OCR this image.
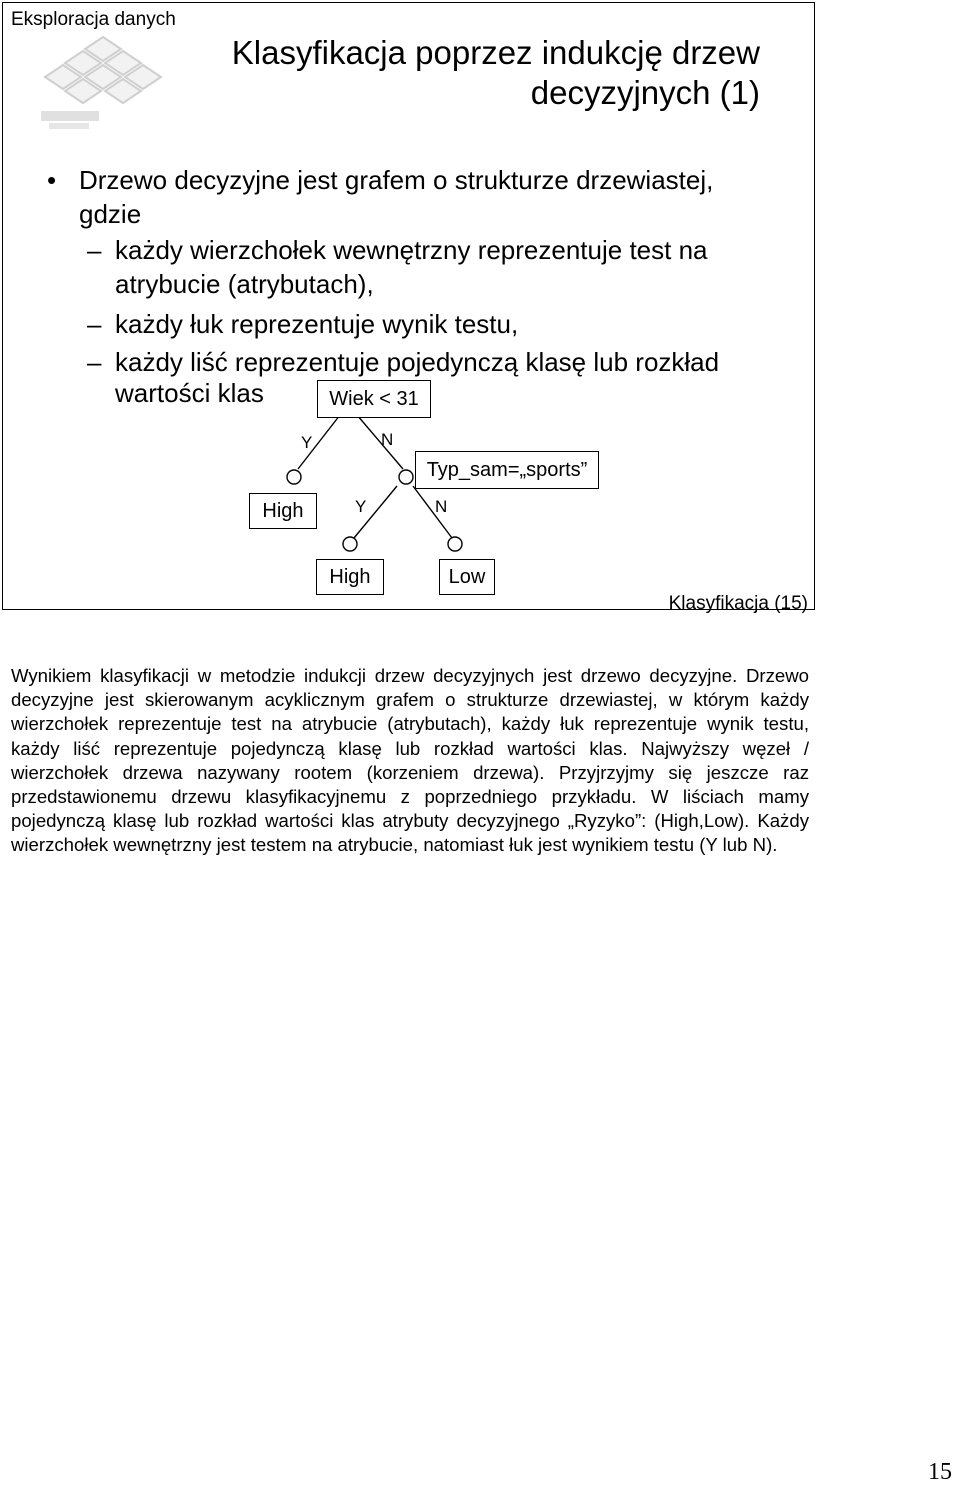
Eksploracja danych
Klasyfikacja poprzez indukcję drzew
decyzyjnych (1)
• Drzewo decyzyjne jest grafem o strukturze drzewiastej,
gdzie
– każdy wierzchołek wewnętrzny reprezentuje test na
atrybucie (atrybutach),
– każdy łuk reprezentuje wynik testu,
– każdy liść reprezentuje pojedynczą klasę lub rozkład
wartości klas	Wiek < 31
Y	N
High
Typ_sam=„sports”
Y	N
High	Low
Klasyfikacja (15)
Wynikiem klasyfikacji w metodzie indukcji drzew decyzyjnych jest drzewo decyzyjne. Drzewo decyzyjne jest skierowanym acyklicznym grafem o strukturze drzewiastej, w którym każdy wierzchołek reprezentuje test na atrybucie (atrybutach), każdy łuk reprezentuje wynik testu, każdy liść reprezentuje pojedynczą klasę lub rozkład wartości klas. Najwyższy węzeł / wierzchołek drzewa nazywany rootem (korzeniem drzewa). Przyjrzyjmy się jeszcze raz przedstawionemu drzewu klasyfikacyjnemu z poprzedniego przykładu. W liściach mamy pojedynczą klasę lub rozkład wartości klas atrybuty decyzyjnego „Ryzyko”: (High,Low). Każdy wierzchołek wewnętrzny jest testem na atrybucie, natomiast łuk jest wynikiem testu (Y lub N).
15
